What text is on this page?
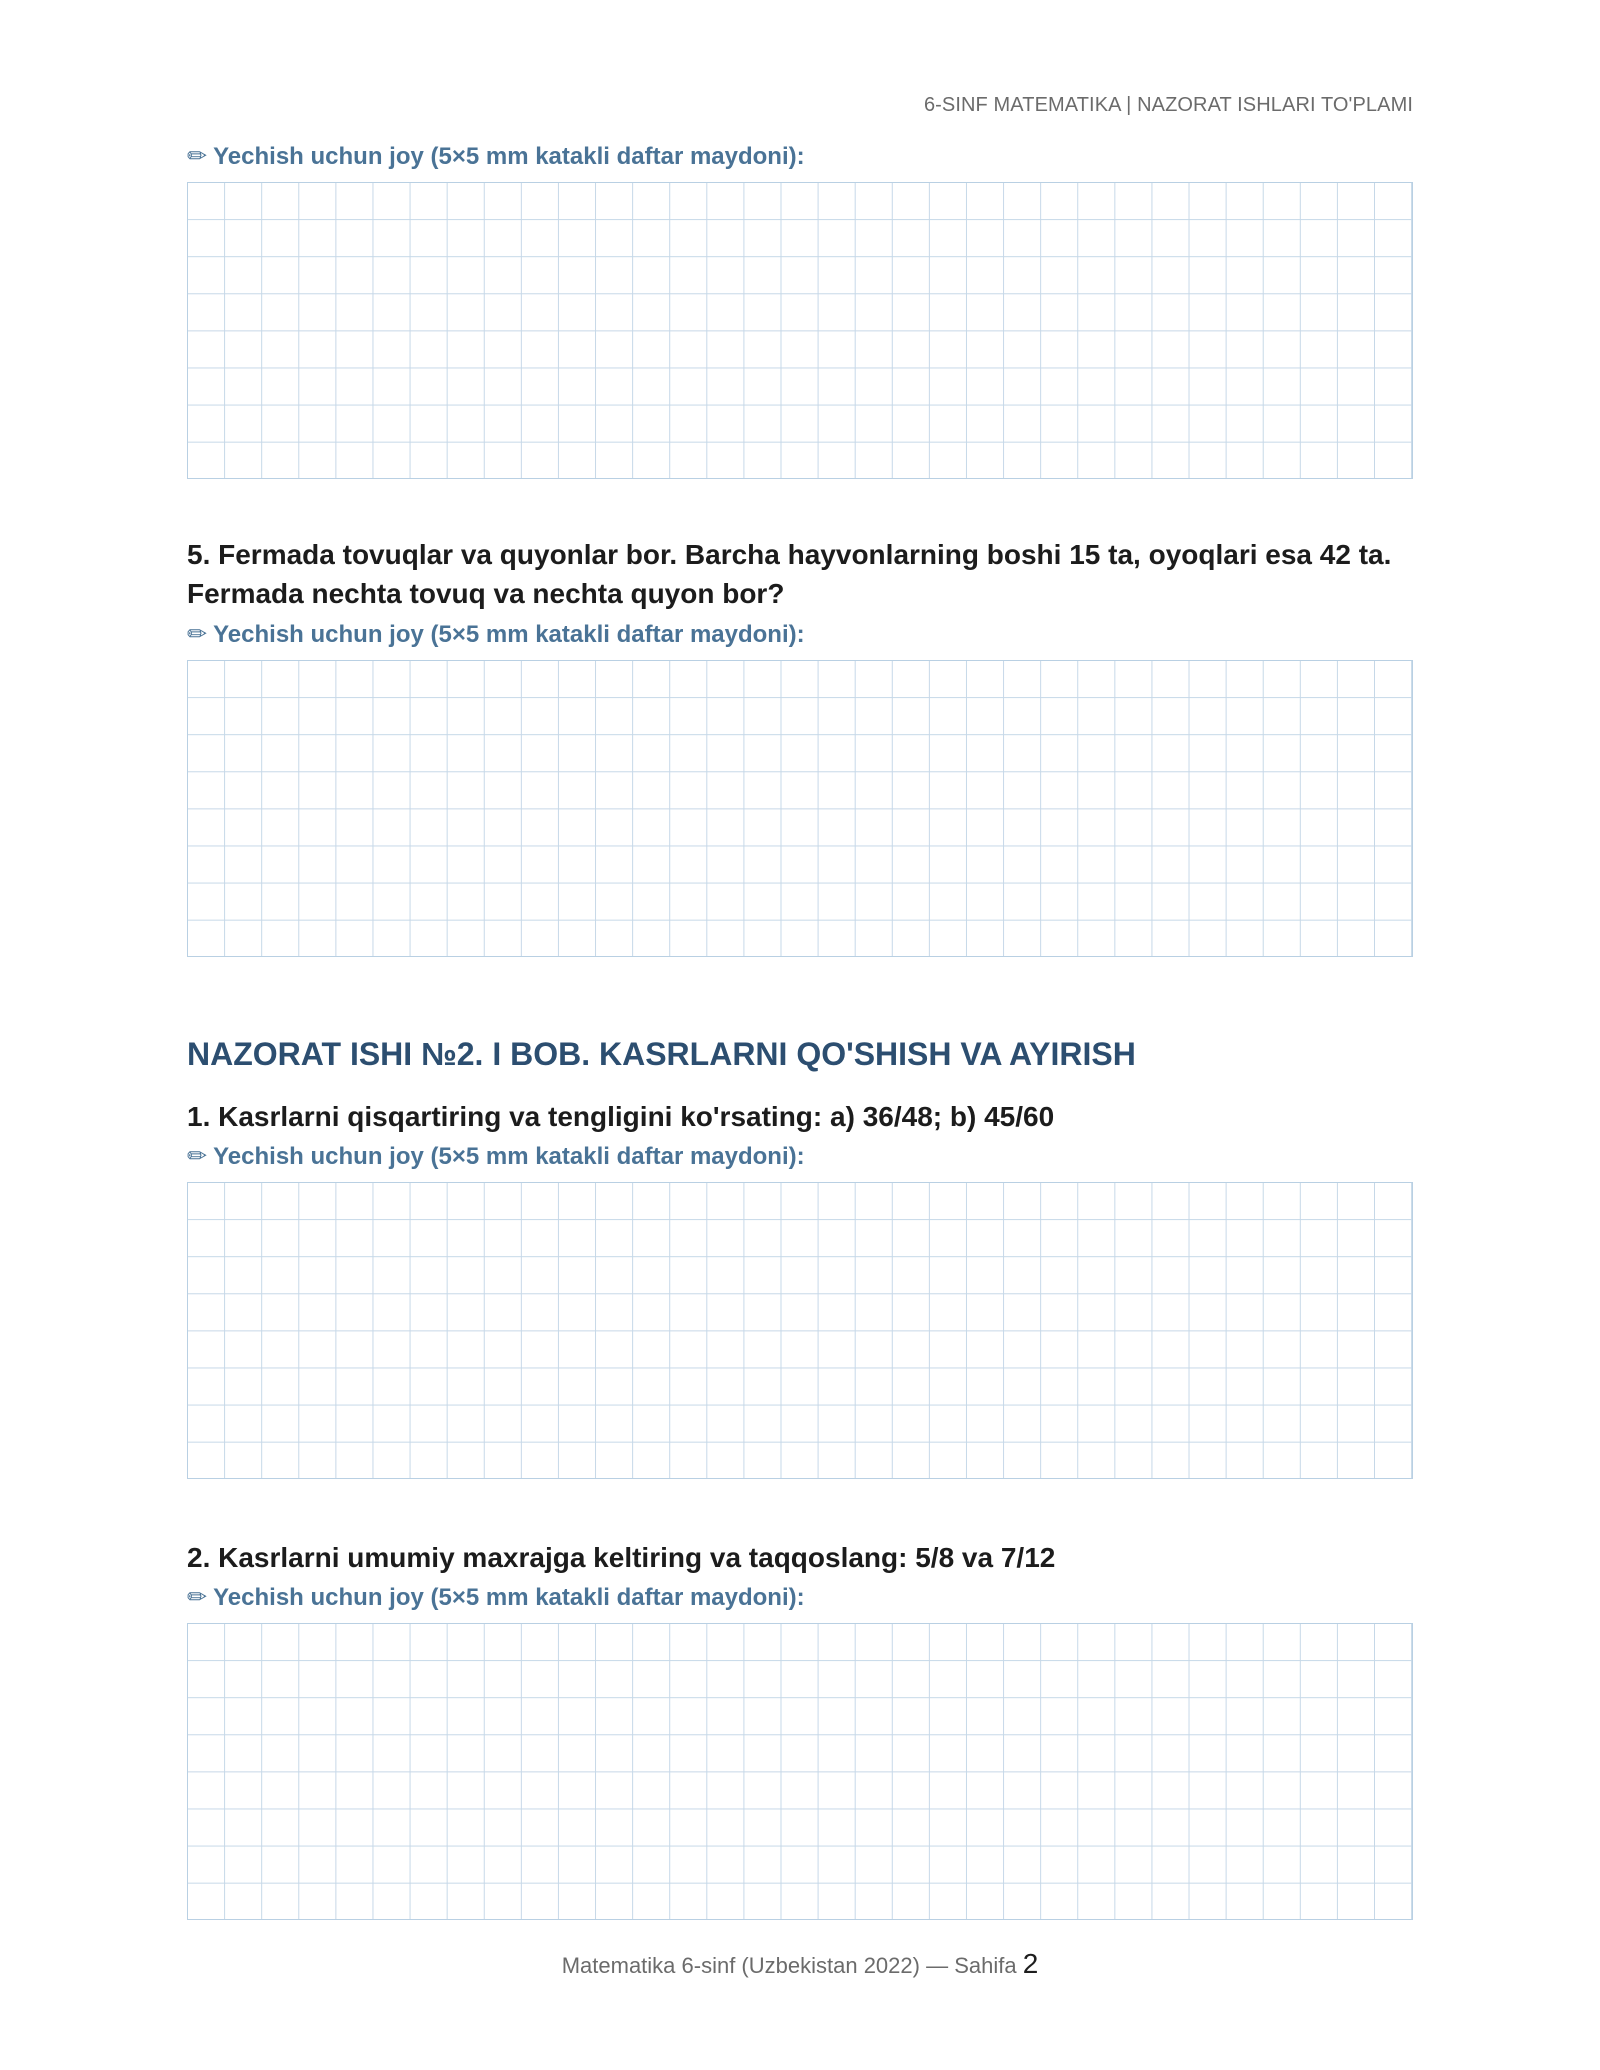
6-SINF MATEMATIKA | NAZORAT ISHLARI TO'PLAMI
✏ Yechish uchun joy (5×5 mm katakli daftar maydoni):
5. Fermada tovuqlar va quyonlar bor. Barcha hayvonlarning boshi 15 ta, oyoqlari esa 42 ta. Fermada nechta tovuq va nechta quyon bor?
✏ Yechish uchun joy (5×5 mm katakli daftar maydoni):
NAZORAT ISHI №2. I BOB. KASRLARNI QO'SHISH VA AYIRISH
1. Kasrlarni qisqartiring va tengligini ko'rsating: a) 36/48; b) 45/60
✏ Yechish uchun joy (5×5 mm katakli daftar maydoni):
2. Kasrlarni umumiy maxrajga keltiring va taqqoslang: 5/8 va 7/12
✏ Yechish uchun joy (5×5 mm katakli daftar maydoni):
Matematika 6-sinf (Uzbekistan 2022) — Sahifa 2
